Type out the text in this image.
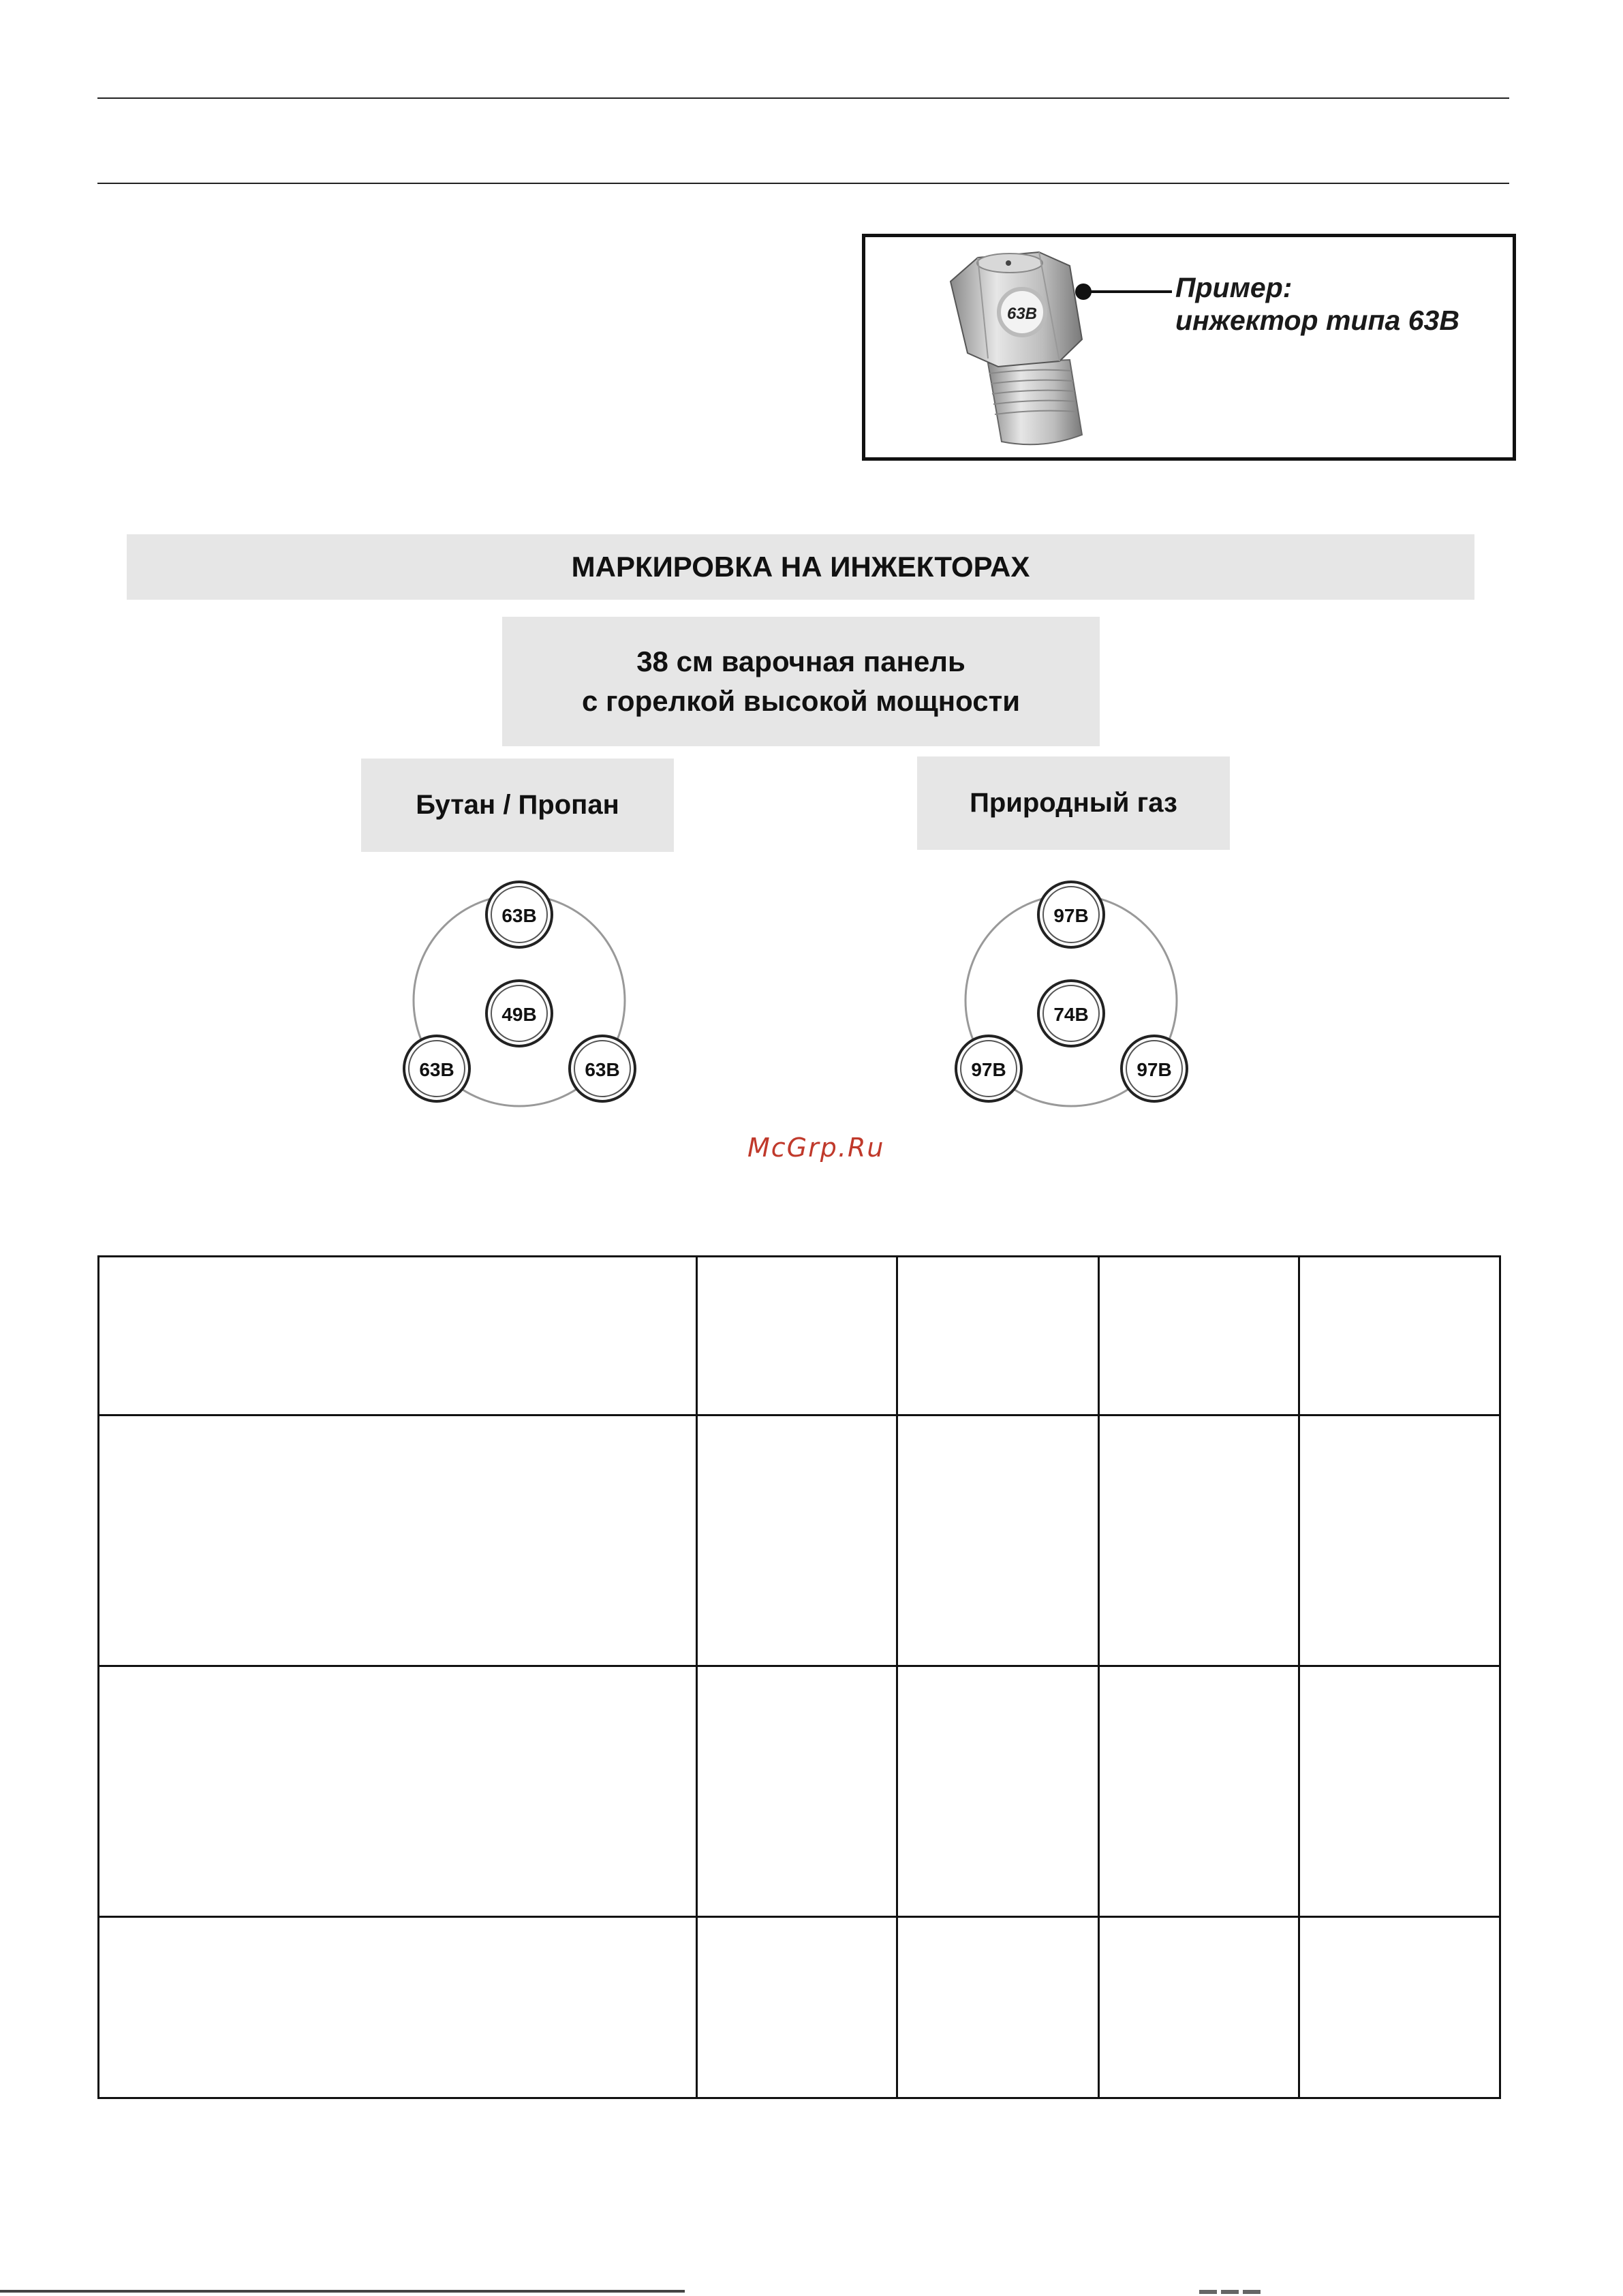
63B
Пример:
инжектор типа 63В
МАРКИРОВКА НА ИНЖЕКТОРАХ
38 см варочная панель
с горелкой высокой мощности
Бутан / Пропан	Природный газ
63B
49B
63B	63B
97B
74B
97B	97B
McGrp.Ru
